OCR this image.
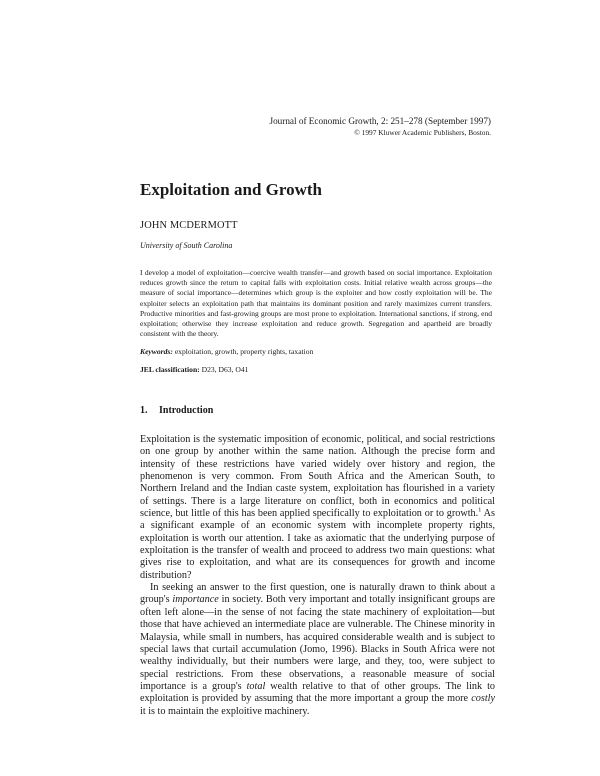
Journal of Economic Growth, 2: 251–278 (September 1997)
© 1997 Kluwer Academic Publishers, Boston.
Exploitation and Growth
JOHN MCDERMOTT
University of South Carolina
I develop a model of exploitation—coercive wealth transfer—and growth based on social importance. Exploitation reduces growth since the return to capital falls with exploitation costs. Initial relative wealth across groups—the measure of social importance—determines which group is the exploiter and how costly exploitation will be. The exploiter selects an exploitation path that maintains its dominant position and rarely maximizes current transfers. Productive minorities and fast-growing groups are most prone to exploitation. International sanctions, if strong, end exploitation; otherwise they increase exploitation and reduce growth. Segregation and apartheid are broadly consistent with the theory.
Keywords: exploitation, growth, property rights, taxation
JEL classification: D23, D63, O41
1. Introduction

Exploitation is the systematic imposition of economic, political, and social restrictions on one group by another within the same nation. Although the precise form and intensity of these restrictions have varied widely over history and region, the phenomenon is very common. From South Africa and the American South, to Northern Ireland and the Indian caste system, exploitation has flourished in a variety of settings. There is a large literature on conflict, both in economics and political science, but little of this has been applied specifically to exploitation or to growth.$^1$ As a significant example of an economic system with incomplete property rights, exploitation is worth our attention. I take as axiomatic that the underlying purpose of exploitation is the transfer of wealth and proceed to address two main questions: what gives rise to exploitation, and what are its consequences for growth and income distribution?

In seeking an answer to the first question, one is naturally drawn to think about a group's importance in society. Both very important and totally insignificant groups are often left alone—in the sense of not facing the state machinery of exploitation—but those that have achieved an intermediate place are vulnerable. The Chinese minority in Malaysia, while small in numbers, has acquired considerable wealth and is subject to special laws that curtail accumulation (Jomo, 1996). Blacks in South Africa were not wealthy individually, but their numbers were large, and they, too, were subject to special restrictions. From these observations, a reasonable measure of social importance is a group's total wealth relative to that of other groups. The link to exploitation is provided by assuming that the more important a group the more costly it is to maintain the exploitive machinery.
